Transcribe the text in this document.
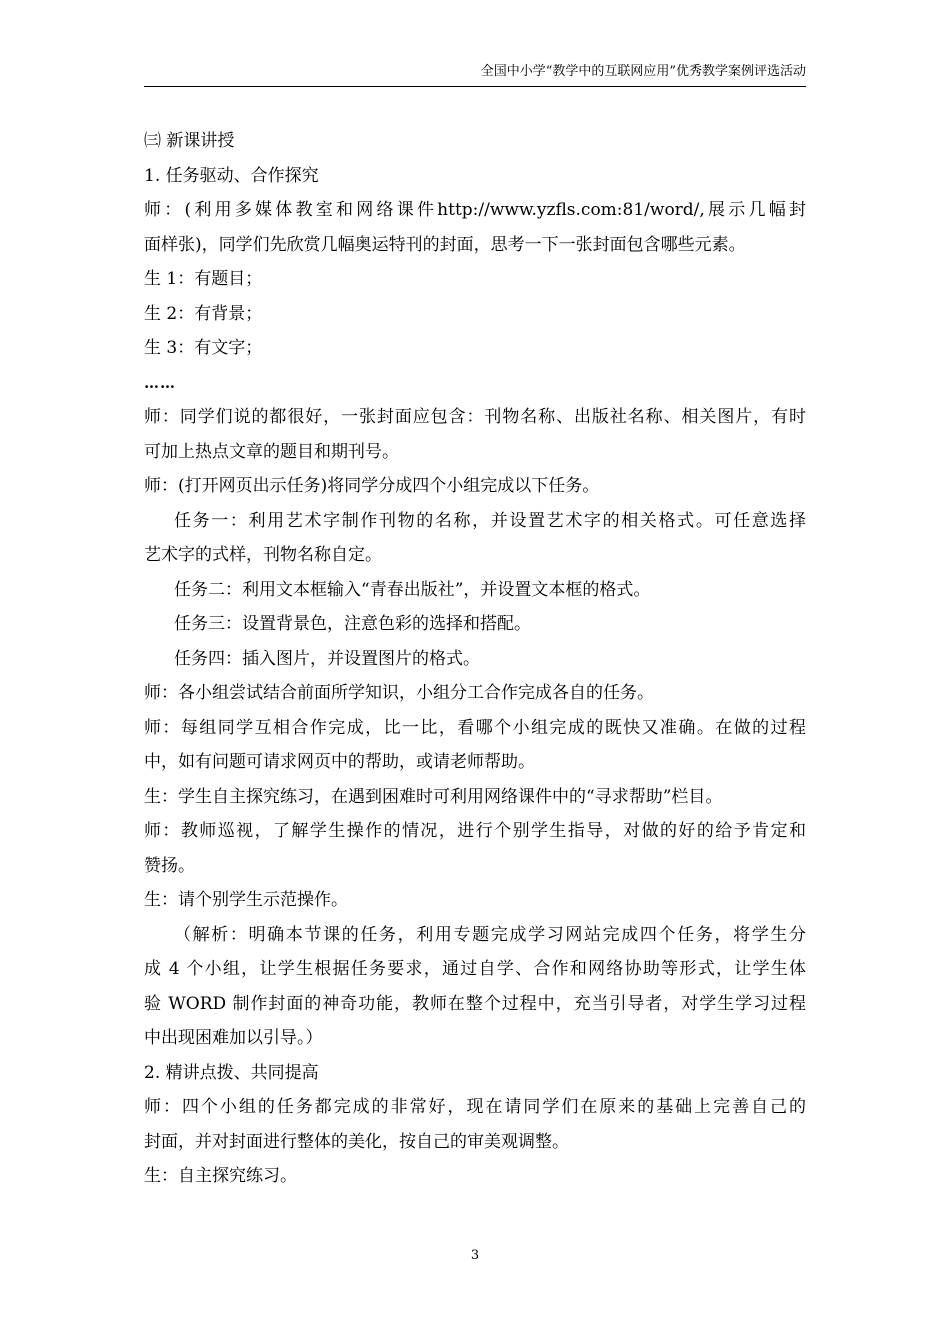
全国中小学“教学中的互联网应用”优秀教学案例评选活动

㈢ 新课讲授

1. 任务驱动、合作探究

师：(利用多媒体教室和网络课件http://www.yzfls.com:81/word/,展示几幅封

面样张)，同学们先欣赏几幅奥运特刊的封面，思考一下一张封面包含哪些元素。

生 1：有题目；

生 2：有背景；

生 3：有文字；

……

师：同学们说的都很好，一张封面应包含：刊物名称、出版社名称、相关图片，有时

可加上热点文章的题目和期刊号。

师：(打开网页出示任务)将同学分成四个小组完成以下任务。

任务一：利用艺术字制作刊物的名称，并设置艺术字的相关格式。可任意选择

艺术字的式样，刊物名称自定。

任务二：利用文本框输入“青春出版社”，并设置文本框的格式。

任务三：设置背景色，注意色彩的选择和搭配。

任务四：插入图片，并设置图片的格式。

师：各小组尝试结合前面所学知识，小组分工合作完成各自的任务。

师：每组同学互相合作完成，比一比，看哪个小组完成的既快又准确。在做的过程

中，如有问题可请求网页中的帮助，或请老师帮助。

生：学生自主探究练习，在遇到困难时可利用网络课件中的“寻求帮助”栏目。

师：教师巡视，了解学生操作的情况，进行个别学生指导，对做的好的给予肯定和

赞扬。

生：请个别学生示范操作。

（解析：明确本节课的任务，利用专题完成学习网站完成四个任务，将学生分

成 4 个小组，让学生根据任务要求，通过自学、合作和网络协助等形式，让学生体

验 WORD 制作封面的神奇功能，教师在整个过程中，充当引导者，对学生学习过程

中出现困难加以引导。）

2. 精讲点拨、共同提高

师：四个小组的任务都完成的非常好，现在请同学们在原来的基础上完善自己的

封面，并对封面进行整体的美化，按自己的审美观调整。

生：自主探究练习。

3
